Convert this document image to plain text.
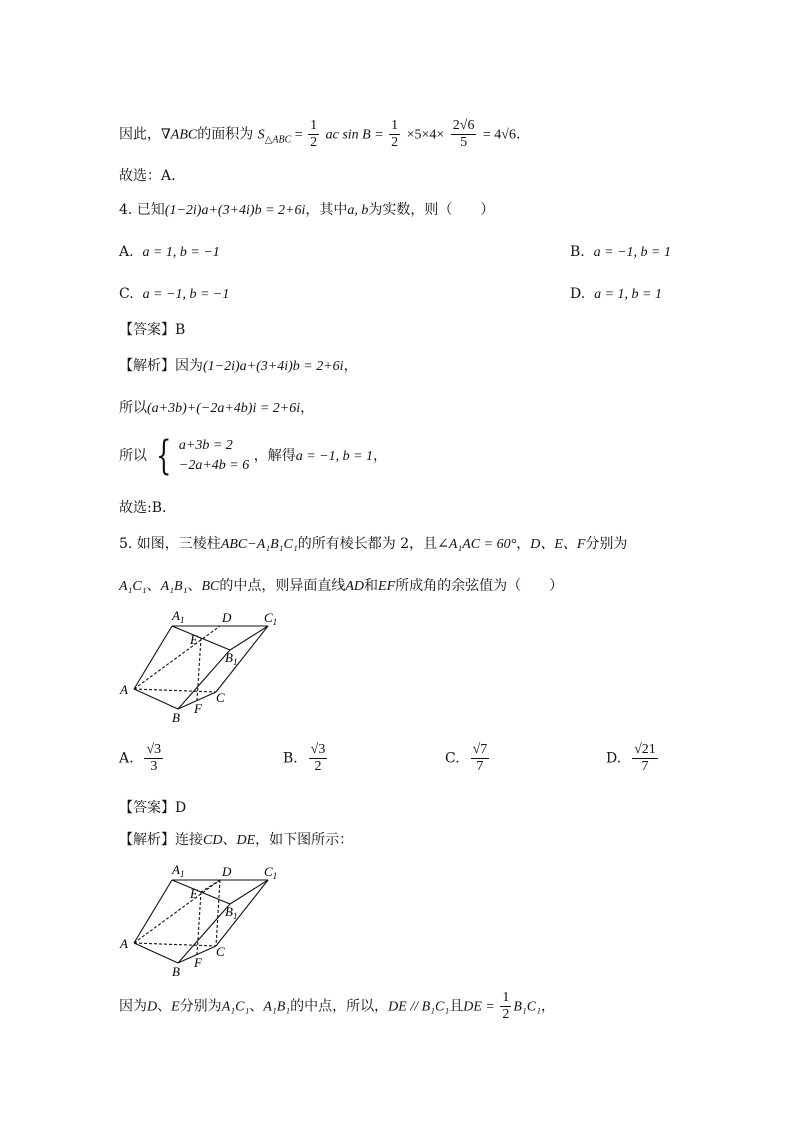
因此，∇ABC的面积为 $S_{\triangle ABC} = \frac{1}{2}$ ac $\sin B = \frac{1}{2} \times 5\times 4\times \frac{2√6}{5} = 4√6$.
故选：A.
4. 已知(1−2i)a+(3+4i)b = 2+6i，其中a, b为实数，则（　　）
A. a = 1, b = −1	B. a = −1, b = 1
C. a = −1, b = −1	D. a = 1, b = 1
【答案】B
【解析】因为(1−2i)a+(3+4i)b = 2+6i，
所以(a+3b)+(−2a+4b)i = 2+6i，
所以 { a+3b = 2
−2a+4b = 6
，解得a = −1, b = 1，
故选:B.
5. 如图，三棱柱ABC−A₁B₁C₁的所有棱长都为 2，且∠A₁AC = 60°，D、E、F分别为
A₁C₁、A₁B₁、BC的中点，则异面直线AD和EF所成角的余弦值为（　　）
$A_1$	D	$C_1$
E
$B_1$
A
C
F
B
A. $\frac{√3}{3}$	B. $\frac{√3}{2}$	C. $\frac{√7}{7}$	D. $\frac{√21}{7}$
【答案】D
【解析】连接CD、DE，如下图所示：
$A_1$	D	$C_1$
E
$B_1$
A
C
F
B
因为D、E分别为A₁C₁、A₁B₁的中点，所以，DE // B₁C₁且DE = $\frac{1}{2} B_1C_1$，
